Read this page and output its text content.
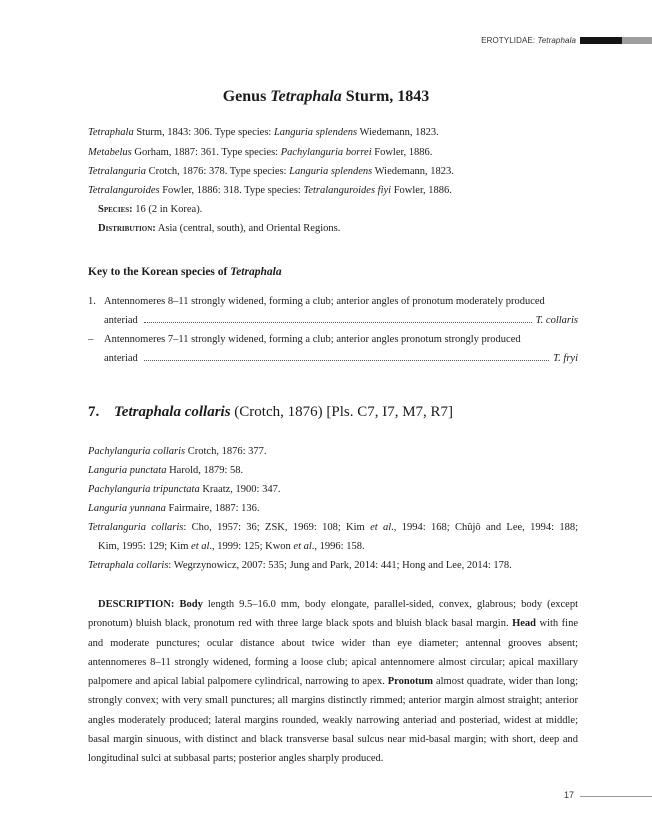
EROTYLIDAE: Tetraphala
Genus Tetraphala Sturm, 1843
Tetraphala Sturm, 1843: 306. Type species: Languria splendens Wiedemann, 1823.
Metabelus Gorham, 1887: 361. Type species: Pachylanguria borrei Fowler, 1886.
Tetralanguria Crotch, 1876: 378. Type species: Languria splendens Wiedemann, 1823.
Tetralanguroides Fowler, 1886: 318. Type species: Tetralanguroides fiyi Fowler, 1886.
Species: 16 (2 in Korea).
Distribution: Asia (central, south), and Oriental Regions.
Key to the Korean species of Tetraphala
1. Antennomeres 8–11 strongly widened, forming a club; anterior angles of pronotum moderately produced
anteriad	T. collaris
– Antennomeres 7–11 strongly widened, forming a club; anterior angles pronotum strongly produced
anteriad	T. fryi
7. Tetraphala collaris (Crotch, 1876) [Pls. C7, I7, M7, R7]
Pachylanguria collaris Crotch, 1876: 377.
Languria punctata Harold, 1879: 58.
Pachylanguria tripunctata Kraatz, 1900: 347.
Languria yunnana Fairmaire, 1887: 136.
Tetralanguria collaris: Cho, 1957: 36; ZSK, 1969: 108; Kim et al., 1994: 168; Chûjô and Lee, 1994: 188;
Kim, 1995: 129; Kim et al., 1999: 125; Kwon et al., 1996: 158.
Tetraphala collaris: Wegrzynowicz, 2007: 535; Jung and Park, 2014: 441; Hong and Lee, 2014: 178.
DESCRIPTION: Body length 9.5–16.0 mm, body elongate, parallel-sided, convex, glabrous; body (except pronotum) bluish black, pronotum red with three large black spots and bluish black basal margin. Head with fine and moderate punctures; ocular distance about twice wider than eye diameter; antennal grooves absent; antennomeres 8–11 strongly widened, forming a loose club; apical antennomere almost circular; apical maxillary palpomere and apical labial palpomere cylindrical, narrowing to apex. Pronotum almost quadrate, wider than long; strongly convex; with very small punctures; all margins distinctly rimmed; anterior margin almost straight; anterior angles moderately produced; lateral margins rounded, weakly narrowing anteriad and posteriad, widest at middle; basal margin sinuous, with distinct and black transverse basal sulcus near mid-basal margin; with short, deep and longitudinal sulci at subbasal parts; posterior angles sharply produced.
17
